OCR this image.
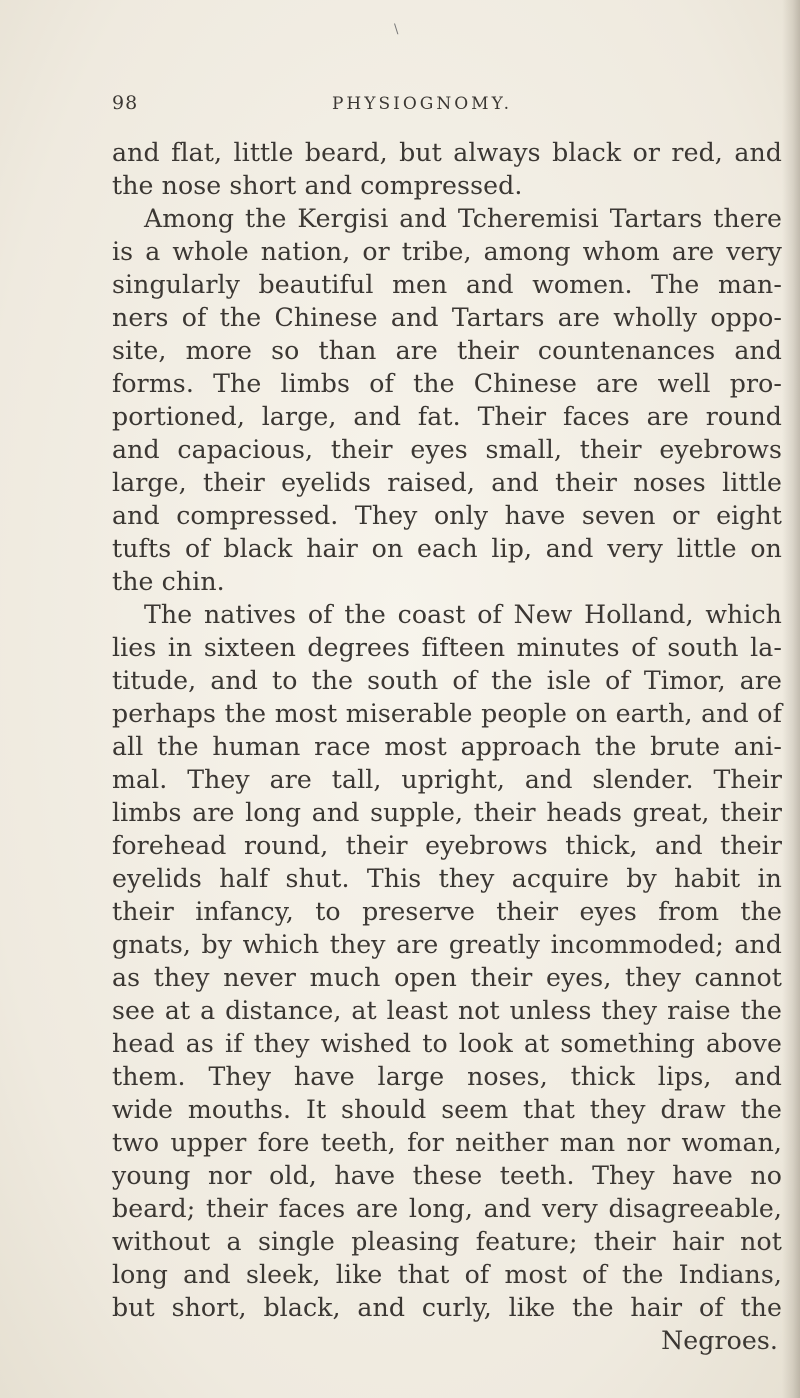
\
98	PHYSIOGNOMY.
and flat, little beard, but always black or red, and
the nose short and compressed.
Among the Kergisi and Tcheremisi Tartars there
is a whole nation, or tribe, among whom are very
singularly beautiful men and women. The man-
ners of the Chinese and Tartars are wholly oppo-
site, more so than are their countenances and
forms. The limbs of the Chinese are well pro-
portioned, large, and fat. Their faces are round
and capacious, their eyes small, their eyebrows
large, their eyelids raised, and their noses little
and compressed. They only have seven or eight
tufts of black hair on each lip, and very little on
the chin.
The natives of the coast of New Holland, which
lies in sixteen degrees fifteen minutes of south la-
titude, and to the south of the isle of Timor, are
perhaps the most miserable people on earth, and of
all the human race most approach the brute ani-
mal. They are tall, upright, and slender. Their
limbs are long and supple, their heads great, their
forehead round, their eyebrows thick, and their
eyelids half shut. This they acquire by habit in
their infancy, to preserve their eyes from the
gnats, by which they are greatly incommoded; and
as they never much open their eyes, they cannot
see at a distance, at least not unless they raise the
head as if they wished to look at something above
them. They have large noses, thick lips, and
wide mouths. It should seem that they draw the
two upper fore teeth, for neither man nor woman,
young nor old, have these teeth. They have no
beard; their faces are long, and very disagreeable,
without a single pleasing feature; their hair not
long and sleek, like that of most of the Indians,
but short, black, and curly, like the hair of the
Negroes.
